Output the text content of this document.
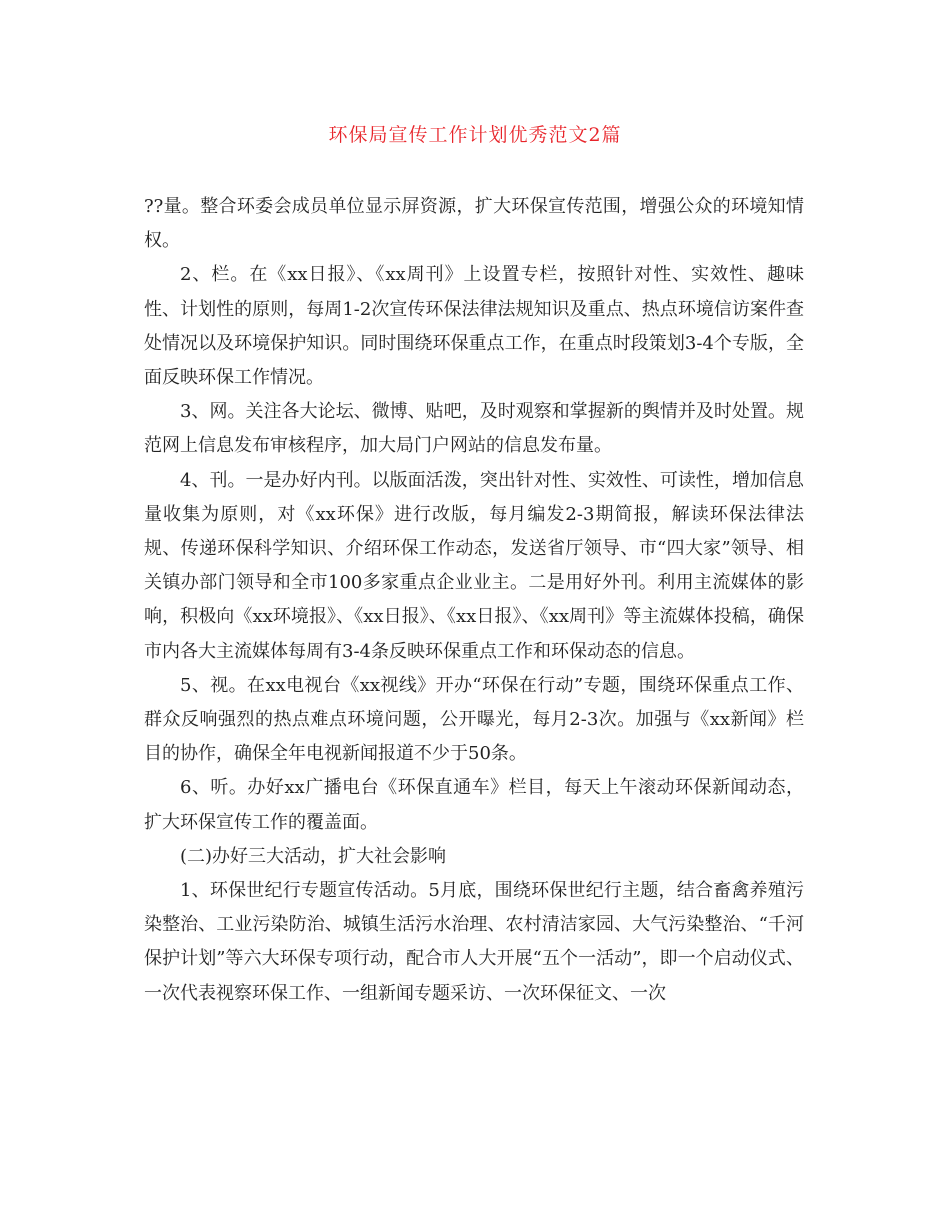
环保局宣传工作计划优秀范文2篇

??量。整合环委会成员单位显示屏资源，扩大环保宣传范围，增强公众的环境知情权。

2、栏。在《xx日报》、《xx周刊》上设置专栏，按照针对性、实效性、趣味性、计划性的原则，每周1-2次宣传环保法律法规知识及重点、热点环境信访案件查处情况以及环境保护知识。同时围绕环保重点工作，在重点时段策划3-4个专版，全面反映环保工作情况。

3、网。关注各大论坛、微博、贴吧，及时观察和掌握新的舆情并及时处置。规范网上信息发布审核程序，加大局门户网站的信息发布量。

4、刊。一是办好内刊。以版面活泼，突出针对性、实效性、可读性，增加信息量收集为原则，对《xx环保》进行改版，每月编发2-3期简报，解读环保法律法规、传递环保科学知识、介绍环保工作动态，发送省厅领导、市“四大家”领导、相关镇办部门领导和全市100多家重点企业业主。二是用好外刊。利用主流媒体的影响，积极向《xx环境报》、《xx日报》、《xx日报》、《xx周刊》等主流媒体投稿，确保市内各大主流媒体每周有3-4条反映环保重点工作和环保动态的信息。

5、视。在xx电视台《xx视线》开办“环保在行动”专题，围绕环保重点工作、群众反响强烈的热点难点环境问题，公开曝光，每月2-3次。加强与《xx新闻》栏目的协作，确保全年电视新闻报道不少于50条。

6、听。办好xx广播电台《环保直通车》栏目，每天上午滚动环保新闻动态，扩大环保宣传工作的覆盖面。

(二)办好三大活动，扩大社会影响

1、环保世纪行专题宣传活动。5月底，围绕环保世纪行主题，结合畜禽养殖污染整治、工业污染防治、城镇生活污水治理、农村清洁家园、大气污染整治、“千河保护计划”等六大环保专项行动，配合市人大开展“五个一活动”，即一个启动仪式、一次代表视察环保工作、一组新闻专题采访、一次环保征文、一次
